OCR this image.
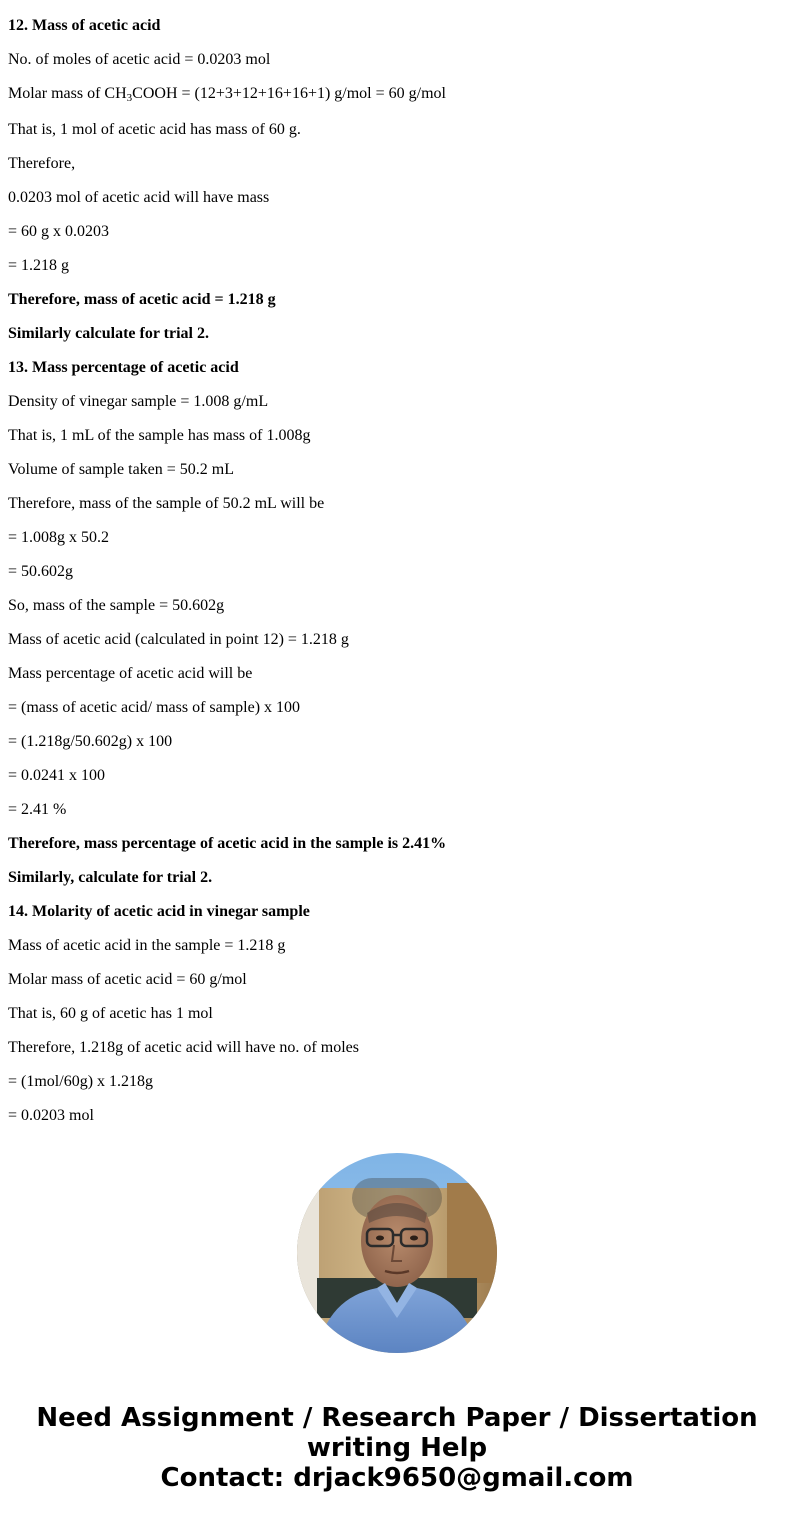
12. Mass of acetic acid

No. of moles of acetic acid = 0.0203 mol

Molar mass of $CH_3COOH = (12+3+12+16+16+1) g/mol = 60$ g/mol

That is, 1 mol of acetic acid has mass of 60 g.

Therefore,

0.0203 mol of acetic acid will have mass

= 60 g x 0.0203

= 1.218 g

Therefore, mass of acetic acid = 1.218 g

Similarly calculate for trial 2.

13. Mass percentage of acetic acid

Density of vinegar sample = 1.008 g/mL

That is, 1 mL of the sample has mass of 1.008g

Volume of sample taken = 50.2 mL

Therefore, mass of the sample of 50.2 mL will be

= 1.008g x 50.2

= 50.602g

So, mass of the sample = 50.602g

Mass of acetic acid (calculated in point 12) = 1.218 g

Mass percentage of acetic acid will be

= (mass of acetic acid/ mass of sample) x 100

= (1.218g/50.602g) x 100

= 0.0241 x 100

= 2.41 %

Therefore, mass percentage of acetic acid in the sample is 2.41%

Similarly, calculate for trial 2.

14. Molarity of acetic acid in vinegar sample

Mass of acetic acid in the sample = 1.218 g

Molar mass of acetic acid = 60 g/mol

That is, 60 g of acetic has 1 mol

Therefore, 1.218g of acetic acid will have no. of moles

= (1mol/60g) x 1.218g

= 0.0203 mol

Need Assignment / Research Paper / Dissertation
writing Help
Contact: drjack9650@gmail.com
